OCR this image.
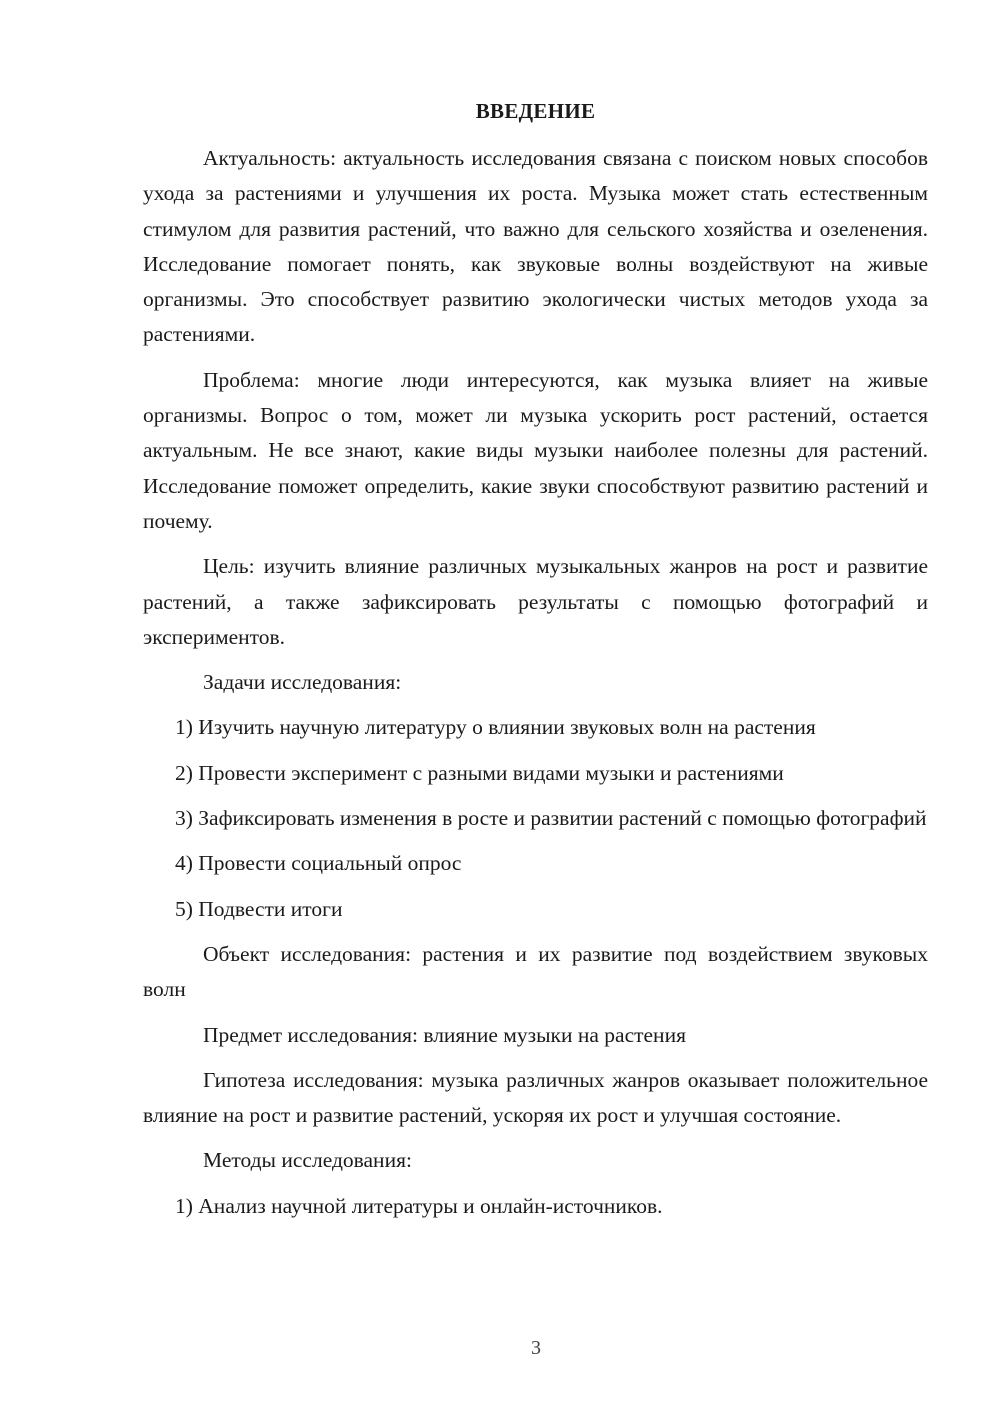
ВВЕДЕНИЕ

Актуальность: актуальность исследования связана с поиском новых способов ухода за растениями и улучшения их роста. Музыка может стать естественным стимулом для развития растений, что важно для сельского хозяйства и озеленения. Исследование помогает понять, как звуковые волны воздействуют на живые организмы. Это способствует развитию экологически чистых методов ухода за растениями.

Проблема: многие люди интересуются, как музыка влияет на живые организмы. Вопрос о том, может ли музыка ускорить рост растений, остается актуальным. Не все знают, какие виды музыки наиболее полезны для растений. Исследование поможет определить, какие звуки способствуют развитию растений и почему.

Цель: изучить влияние различных музыкальных жанров на рост и развитие растений, а также зафиксировать результаты с помощью фотографий и экспериментов.

Задачи исследования:

1) Изучить научную литературу о влиянии звуковых волн на растения

2) Провести эксперимент с разными видами музыки и растениями

3) Зафиксировать изменения в росте и развитии растений с помощью фотографий

4) Провести социальный опрос

5) Подвести итоги

Объект исследования: растения и их развитие под воздействием звуковых волн

Предмет исследования: влияние музыки на растения

Гипотеза исследования: музыка различных жанров оказывает положительное влияние на рост и развитие растений, ускоряя их рост и улучшая состояние.

Методы исследования:

1) Анализ научной литературы и онлайн-источников.

3
